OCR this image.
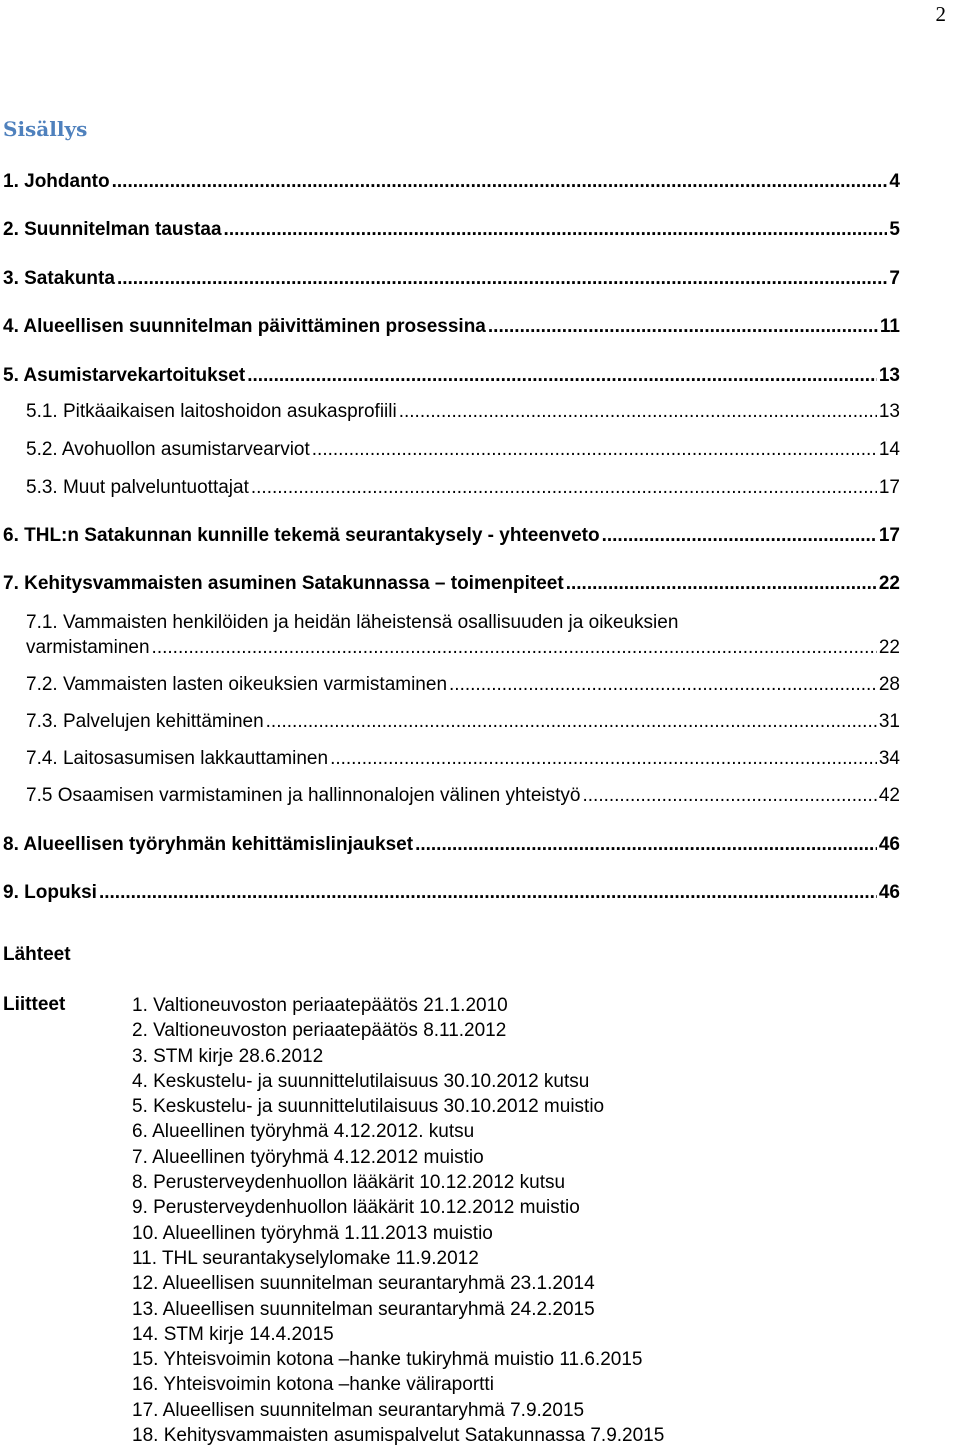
2
Sisällys
1. Johdanto .....	4
2. Suunnitelman taustaa .....	5
3. Satakunta .....	7
4. Alueellisen suunnitelman päivittäminen prosessina .....	11
5. Asumistarvekartoitukset .....	13
5.1. Pitkäaikaisen laitoshoidon asukasprofiili .....	13
5.2. Avohuollon asumistarvearviot .....	14
5.3. Muut palveluntuottajat .....	17
6. THL:n Satakunnan kunnille tekemä seurantakysely - yhteenveto .....	17
7. Kehitysvammaisten asuminen Satakunnassa – toimenpiteet .....	22
7.1. Vammaisten henkilöiden ja heidän läheistensä osallisuuden ja oikeuksien
varmistaminen .....	22
7.2. Vammaisten lasten oikeuksien varmistaminen .....	28
7.3. Palvelujen kehittäminen .....	31
7.4. Laitosasumisen lakkauttaminen .....	34
7.5 Osaamisen varmistaminen ja hallinnonalojen välinen yhteistyö .....	42
8. Alueellisen työryhmän kehittämislinjaukset .....	46
9. Lopuksi .....	46
Lähteet
Liitteet	1. Valtioneuvoston periaatepäätös 21.1.2010
2. Valtioneuvoston periaatepäätös 8.11.2012
3. STM kirje 28.6.2012
4. Keskustelu- ja suunnittelutilaisuus 30.10.2012 kutsu
5. Keskustelu- ja suunnittelutilaisuus 30.10.2012 muistio
6. Alueellinen työryhmä 4.12.2012. kutsu
7. Alueellinen työryhmä 4.12.2012 muistio
8. Perusterveydenhuollon lääkärit 10.12.2012 kutsu
9. Perusterveydenhuollon lääkärit 10.12.2012 muistio
10. Alueellinen työryhmä 1.11.2013 muistio
11. THL seurantakyselylomake 11.9.2012
12. Alueellisen suunnitelman seurantaryhmä 23.1.2014
13. Alueellisen suunnitelman seurantaryhmä 24.2.2015
14. STM kirje 14.4.2015
15. Yhteisvoimin kotona –hanke tukiryhmä muistio 11.6.2015
16. Yhteisvoimin kotona –hanke väliraportti
17. Alueellisen suunnitelman seurantaryhmä 7.9.2015
18. Kehitysvammaisten asumispalvelut Satakunnassa 7.9.2015
